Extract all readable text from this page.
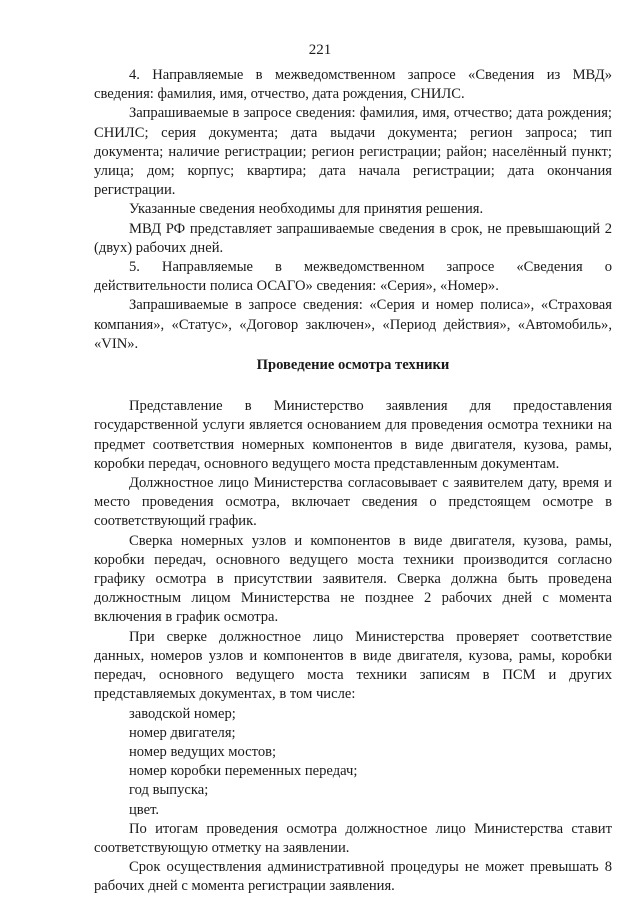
221

4. Направляемые в межведомственном запросе «Сведения из МВД» сведения: фамилия, имя, отчество, дата рождения, СНИЛС.

Запрашиваемые в запросе сведения: фамилия, имя, отчество; дата рождения; СНИЛС; серия документа; дата выдачи документа; регион запроса; тип документа; наличие регистрации; регион регистрации; район; населённый пункт; улица; дом; корпус; квартира; дата начала регистрации; дата окончания регистрации.

Указанные сведения необходимы для принятия решения.

МВД РФ представляет запрашиваемые сведения в срок, не превышающий 2 (двух) рабочих дней.

5. Направляемые в межведомственном запросе «Сведения о действительности полиса ОСАГО» сведения: «Серия», «Номер».

Запрашиваемые в запросе сведения: «Серия и номер полиса», «Страховая компания», «Статус», «Договор заключен», «Период действия», «Автомобиль», «VIN».

Проведение осмотра техники

Представление в Министерство заявления для предоставления государственной услуги является основанием для проведения осмотра техники на предмет соответствия номерных компонентов в виде двигателя, кузова, рамы, коробки передач, основного ведущего моста представленным документам.

Должностное лицо Министерства согласовывает с заявителем дату, время и место проведения осмотра, включает сведения о предстоящем осмотре в соответствующий график.

Сверка номерных узлов и компонентов в виде двигателя, кузова, рамы, коробки передач, основного ведущего моста техники производится согласно графику осмотра в присутствии заявителя. Сверка должна быть проведена должностным лицом Министерства не позднее 2 рабочих дней с момента включения в график осмотра.

При сверке должностное лицо Министерства проверяет соответствие данных, номеров узлов и компонентов в виде двигателя, кузова, рамы, коробки передач, основного ведущего моста техники записям в ПСМ и других представляемых документах, в том числе:

заводской номер;
номер двигателя;
номер ведущих мостов;
номер коробки переменных передач;
год выпуска;
цвет.

По итогам проведения осмотра должностное лицо Министерства ставит соответствующую отметку на заявлении.

Срок осуществления административной процедуры не может превышать 8 рабочих дней с момента регистрации заявления.
